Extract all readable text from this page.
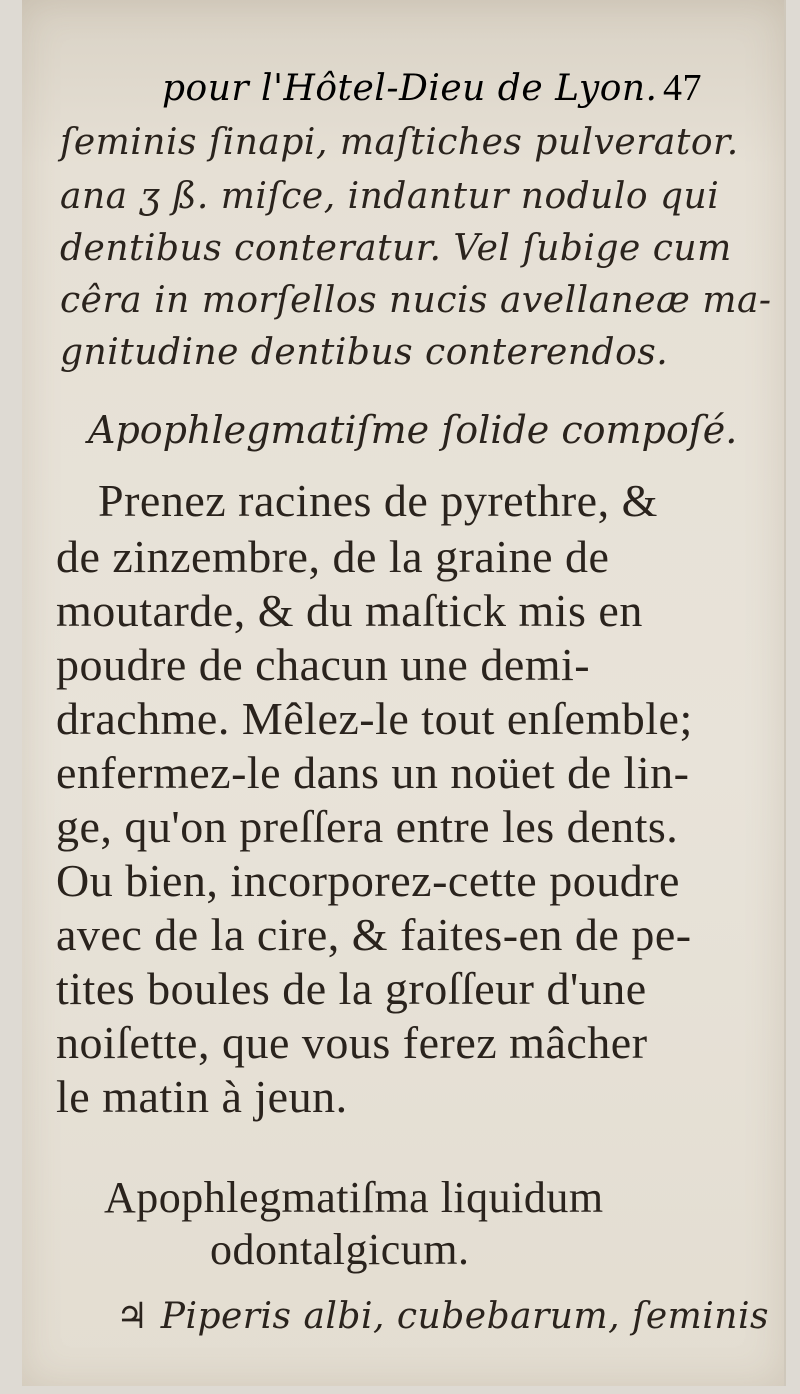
pour l'Hôtel-Dieu de Lyon. 47

ſeminis ſinapi, maſtiches pulverator.

ana ʒ ß. miſce, indantur nodulo qui

dentibus conteratur. Vel ſubige cum

cêra in morſellos nucis avellaneæ ma-

gnitudine dentibus conterendos.

Apophlegmatiſme ſolide compoſé.

Prenez racines de pyrethre, &

de zinzembre, de la graine de

moutarde, & du maſtick mis en

poudre de chacun une demi-

drachme. Mêlez-le tout enſemble;

enfermez-le dans un noüet de lin-

ge, qu'on preſſera entre les dents.

Ou bien, incorporez-cette poudre

avec de la cire, & faites-en de pe-

tites boules de la groſſeur d'une

noiſette, que vous ferez mâcher

le matin à jeun.

Apophlegmatiſma liquidum

odontalgicum.

♃ Piperis albi, cubebarum, ſeminis
